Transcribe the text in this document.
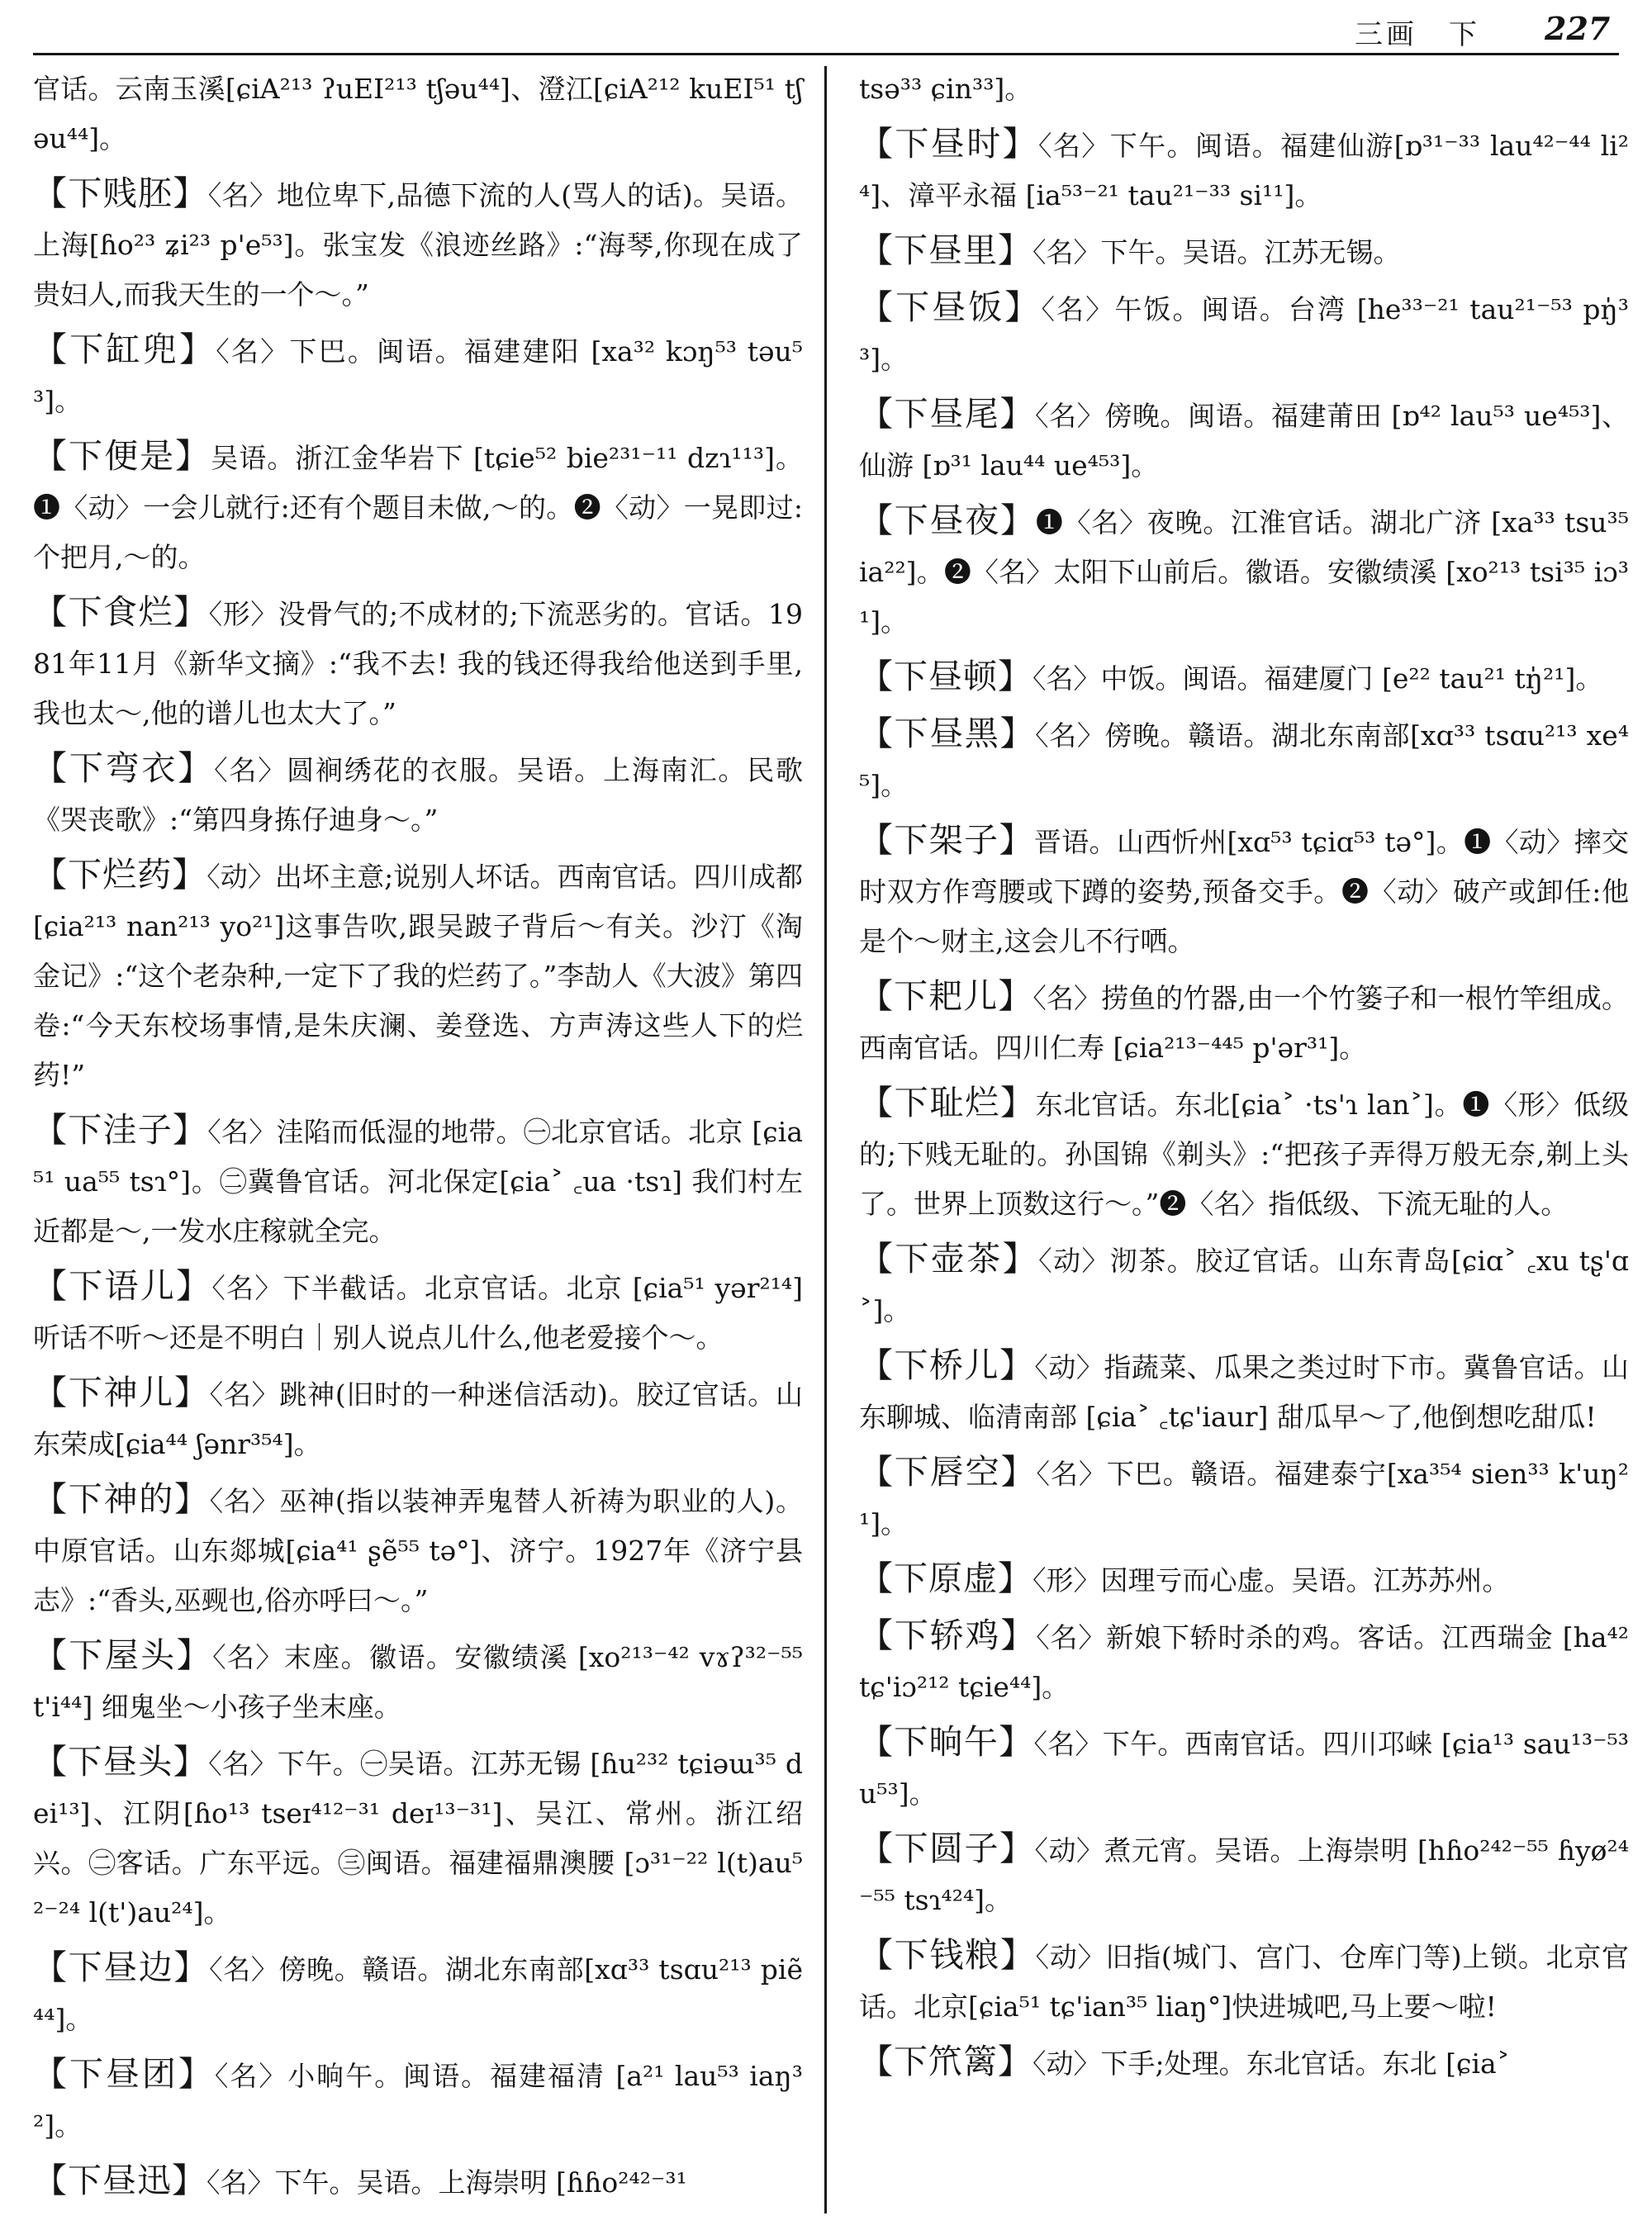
三画　下 227
官话。云南玉溪[ɕiA²¹³ ʔuEI²¹³ tʃəu⁴⁴]、澄江[ɕiA²¹² kuEI⁵¹ tʃəu⁴⁴]。
【 下贱胚 】 〈名〉地位卑下,品德下流的人(骂人的话)。吴语。上海[ɦo²³ ʑi²³ p'e⁵³]。张宝发《浪迹丝路》:“海琴,你现在成了贵妇人,而我天生的一个～。”
【 下缸兜 】 〈名〉下巴。闽语。福建建阳 [xa³² kɔŋ⁵³ təu⁵³]。
【 下便是 】 吴语。浙江金华岩下 [tɕie⁵² bie²³¹⁻¹¹ dzɿ¹¹³]。❶〈动〉一会儿就行:还有个题目未做,～的。❷〈动〉一晃即过:个把月,～的。
【 下食烂 】 〈形〉没骨气的;不成材的;下流恶劣的。官话。1981年11月《新华文摘》:“我不去! 我的钱还得我给他送到手里,我也太～,他的谱儿也太大了。”
【 下弯衣 】 〈名〉圆裥绣花的衣服。吴语。上海南汇。民歌《哭丧歌》:“第四身拣仔迪身～。”
【 下烂药 】 〈动〉出坏主意;说别人坏话。西南官话。四川成都[ɕia²¹³ nan²¹³ yo²¹]这事告吹,跟吴跛子背后～有关。沙汀《淘金记》:“这个老杂种,一定下了我的烂药了。”李劼人《大波》第四卷:“今天东校场事情,是朱庆澜、姜登选、方声涛这些人下的烂药!”
【 下洼子 】 〈名〉洼陷而低湿的地带。㊀北京官话。北京 [ɕia⁵¹ ua⁵⁵ tsɿ°]。㊁冀鲁官话。河北保定[ɕia˃ ꜀ua ·tsɿ] 我们村左近都是～,一发水庄稼就全完。
【 下语儿 】 〈名〉下半截话。北京官话。北京 [ɕia⁵¹ yər²¹⁴]听话不听～还是不明白｜别人说点儿什么,他老爱接个～。
【 下神儿 】 〈名〉跳神(旧时的一种迷信活动)。胶辽官话。山东荣成[ɕia⁴⁴ ʃənr³⁵⁴]。
【 下神的 】 〈名〉巫神(指以装神弄鬼替人祈祷为职业的人)。中原官话。山东郯城[ɕia⁴¹ ʂẽ⁵⁵ tə°]、济宁。1927年《济宁县志》:“香头,巫觋也,俗亦呼曰～。”
【 下屋头 】 〈名〉末座。徽语。安徽绩溪 [xo²¹³⁻⁴² vɤʔ³²⁻⁵⁵ t'i⁴⁴] 细鬼坐～小孩子坐末座。
【 下昼头 】 〈名〉下午。㊀吴语。江苏无锡 [ɦu²³² tɕiəɯ³⁵ dei¹³]、江阴[ɦo¹³ tseɪ⁴¹²⁻³¹ deɪ¹³⁻³¹]、吴江、常州。浙江绍兴。㊁客话。广东平远。㊂闽语。福建福鼎澳腰 [ɔ³¹⁻²² l(t)au⁵²⁻²⁴ l(t')au²⁴]。
【 下昼边 】 〈名〉傍晚。赣语。湖北东南部[xɑ³³ tsɑu²¹³ piẽ⁴⁴]。
【 下昼团 】 〈名〉小晌午。闽语。福建福清 [a²¹ lau⁵³ iaŋ³²]。
【 下昼迅 】 〈名〉下午。吴语。上海崇明 [ɦɦo²⁴²⁻³¹
tsə³³ ɕin³³]。
【 下昼时 】 〈名〉下午。闽语。福建仙游[ɒ³¹⁻³³ lau⁴²⁻⁴⁴ li²⁴]、漳平永福 [ia⁵³⁻²¹ tau²¹⁻³³ si¹¹]。
【 下昼里 】 〈名〉下午。吴语。江苏无锡。
【 下昼饭 】 〈名〉午饭。闽语。台湾 [he³³⁻²¹ tau²¹⁻⁵³ pŋ̍³³]。
【 下昼尾 】 〈名〉傍晚。闽语。福建莆田 [ɒ⁴² lau⁵³ ue⁴⁵³]、仙游 [ɒ³¹ lau⁴⁴ ue⁴⁵³]。
【 下昼夜 】 ❶〈名〉夜晚。江淮官话。湖北广济 [xa³³ tsu³⁵ ia²²]。❷〈名〉太阳下山前后。徽语。安徽绩溪 [xo²¹³ tsi³⁵ iɔ³¹]。
【 下昼顿 】 〈名〉中饭。闽语。福建厦门 [e²² tau²¹ tŋ̍²¹]。
【 下昼黑 】 〈名〉傍晚。赣语。湖北东南部[xɑ³³ tsɑu²¹³ xe⁴⁵]。
【 下架子 】 晋语。山西忻州[xɑ⁵³ tɕiɑ⁵³ tə°]。❶〈动〉摔交时双方作弯腰或下蹲的姿势,预备交手。❷〈动〉破产或卸任:他是个～财主,这会儿不行哂。
【 下耙儿 】 〈名〉捞鱼的竹器,由一个竹篓子和一根竹竿组成。西南官话。四川仁寿 [ɕia²¹³⁻⁴⁴⁵ p'ər³¹]。
【 下耻烂 】 东北官话。东北[ɕia˃ ·ts'ɿ lan˃]。❶〈形〉低级的;下贱无耻的。孙国锦《剃头》:“把孩子弄得万般无奈,剃上头了。世界上顶数这行～。”❷〈名〉指低级、下流无耻的人。
【 下壶茶 】 〈动〉沏茶。胶辽官话。山东青岛[ɕiɑ˃ ꜀xu tʂ'ɑ˃]。
【 下桥儿 】 〈动〉指蔬菜、瓜果之类过时下市。冀鲁官话。山东聊城、临清南部 [ɕia˃ ꜀tɕ'iaur] 甜瓜早～了,他倒想吃甜瓜!
【 下唇空 】 〈名〉下巴。赣语。福建泰宁[xa³⁵⁴ sien³³ k'uŋ²¹]。
【 下原虚 】 〈形〉因理亏而心虚。吴语。江苏苏州。
【 下轿鸡 】 〈名〉新娘下轿时杀的鸡。客话。江西瑞金 [ha⁴² tɕ'iɔ²¹² tɕie⁴⁴]。
【 下晌午 】 〈名〉下午。西南官话。四川邛崃 [ɕia¹³ sau¹³⁻⁵³ u⁵³]。
【 下圆子 】 〈动〉煮元宵。吴语。上海崇明 [hɦo²⁴²⁻⁵⁵ ɦyø²⁴⁻⁵⁵ tsɿ⁴²⁴]。
【 下钱粮 】 〈动〉旧指(城门、宫门、仓库门等)上锁。北京官话。北京[ɕia⁵¹ tɕ'ian³⁵ liaŋ°]快进城吧,马上要～啦!
【 下笊篱 】 〈动〉下手;处理。东北官话。东北 [ɕia˃
